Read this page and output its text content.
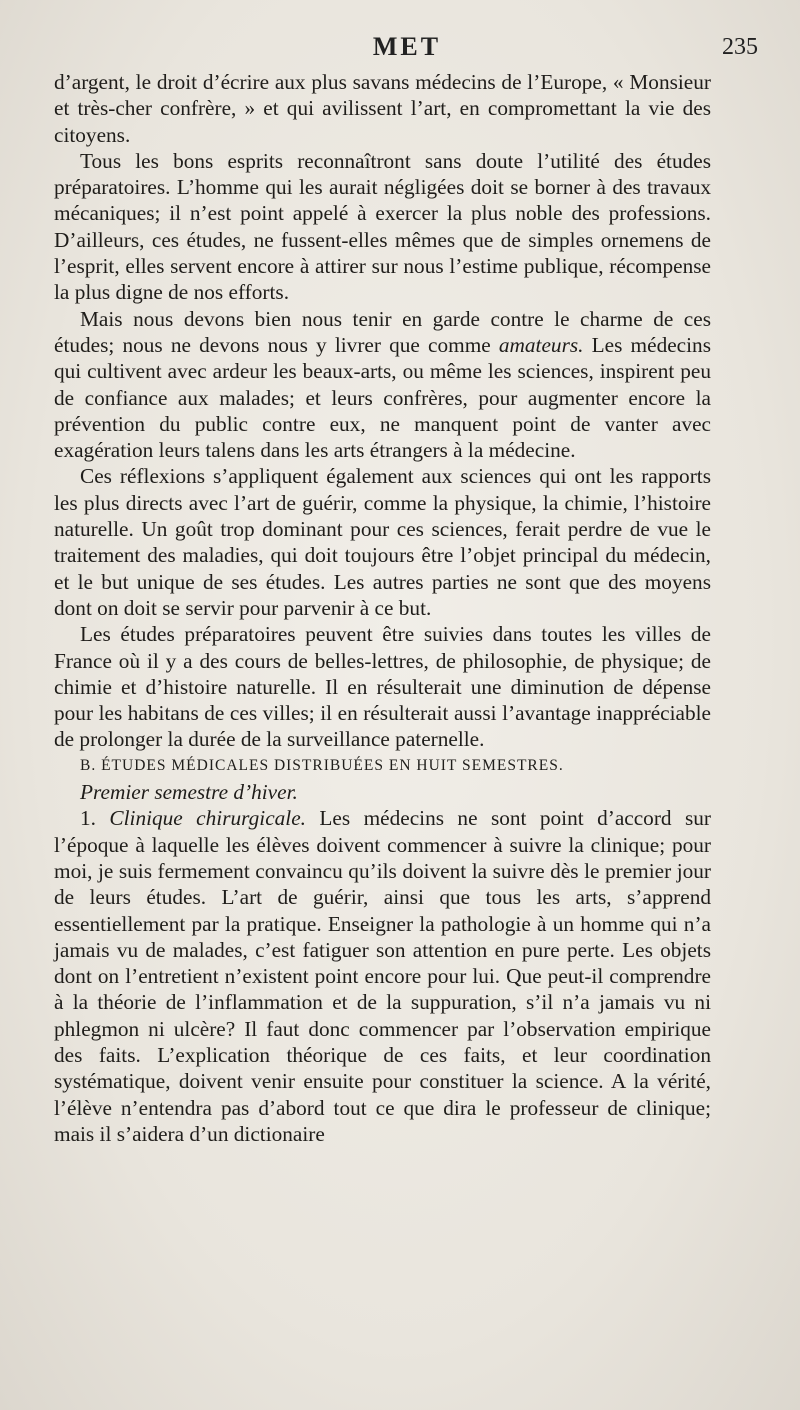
MET	235

d’argent, le droit d’écrire aux plus savans médecins de l’Europe, « Monsieur et très-cher confrère, » et qui avilissent l’art, en compromettant la vie des citoyens.

Tous les bons esprits reconnaîtront sans doute l’utilité des études préparatoires. L’homme qui les aurait négligées doit se borner à des travaux mécaniques; il n’est point appelé à exercer la plus noble des professions. D’ailleurs, ces études, ne fussent-elles mêmes que de simples ornemens de l’esprit, elles servent encore à attirer sur nous l’estime publique, récompense la plus digne de nos efforts.

Mais nous devons bien nous tenir en garde contre le charme de ces études; nous ne devons nous y livrer que comme amateurs. Les médecins qui cultivent avec ardeur les beaux-arts, ou même les sciences, inspirent peu de confiance aux malades; et leurs confrères, pour augmenter encore la prévention du public contre eux, ne manquent point de vanter avec exagération leurs talens dans les arts étrangers à la médecine.

Ces réflexions s’appliquent également aux sciences qui ont les rapports les plus directs avec l’art de guérir, comme la physique, la chimie, l’histoire naturelle. Un goût trop dominant pour ces sciences, ferait perdre de vue le traitement des maladies, qui doit toujours être l’objet principal du médecin, et le but unique de ses études. Les autres parties ne sont que des moyens dont on doit se servir pour parvenir à ce but.

Les études préparatoires peuvent être suivies dans toutes les villes de France où il y a des cours de belles-lettres, de philosophie, de physique; de chimie et d’histoire naturelle. Il en résulterait une diminution de dépense pour les habitans de ces villes; il en résulterait aussi l’avantage inappréciable de prolonger la durée de la surveillance paternelle.

B. ÉTUDES MÉDICALES DISTRIBUÉES EN HUIT SEMESTRES.

Premier semestre d’hiver.

1. Clinique chirurgicale. Les médecins ne sont point d’accord sur l’époque à laquelle les élèves doivent commencer à suivre la clinique; pour moi, je suis fermement convaincu qu’ils doivent la suivre dès le premier jour de leurs études. L’art de guérir, ainsi que tous les arts, s’apprend essentiellement par la pratique. Enseigner la pathologie à un homme qui n’a jamais vu de malades, c’est fatiguer son attention en pure perte. Les objets dont on l’entretient n’existent point encore pour lui. Que peut-il comprendre à la théorie de l’inflammation et de la suppuration, s’il n’a jamais vu ni phlegmon ni ulcère? Il faut donc commencer par l’observation empirique des faits. L’explication théorique de ces faits, et leur coordination systématique, doivent venir ensuite pour constituer la science. A la vérité, l’élève n’entendra pas d’abord tout ce que dira le professeur de clinique; mais il s’aidera d’un dictionaire
